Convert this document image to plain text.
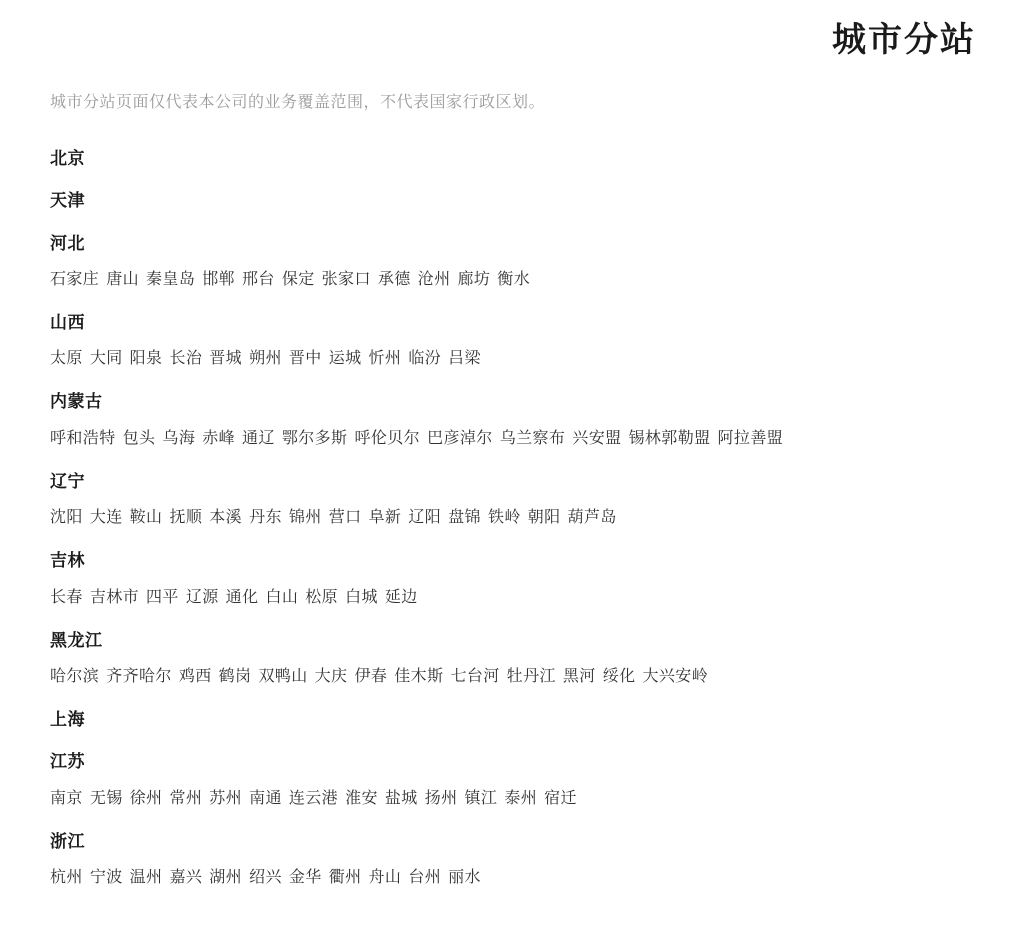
城市分站

城市分站页面仅代表本公司的业务覆盖范围，不代表国家行政区划。

北京
天津
河北
石家庄 唐山 秦皇岛 邯郸 邢台 保定 张家口 承德 沧州 廊坊 衡水
山西
太原 大同 阳泉 长治 晋城 朔州 晋中 运城 忻州 临汾 吕梁
内蒙古
呼和浩特 包头 乌海 赤峰 通辽 鄂尔多斯 呼伦贝尔 巴彦淖尔 乌兰察布 兴安盟 锡林郭勒盟 阿拉善盟
辽宁
沈阳 大连 鞍山 抚顺 本溪 丹东 锦州 营口 阜新 辽阳 盘锦 铁岭 朝阳 葫芦岛
吉林
长春 吉林市 四平 辽源 通化 白山 松原 白城 延边
黑龙江
哈尔滨 齐齐哈尔 鸡西 鹤岗 双鸭山 大庆 伊春 佳木斯 七台河 牡丹江 黑河 绥化 大兴安岭
上海
江苏
南京 无锡 徐州 常州 苏州 南通 连云港 淮安 盐城 扬州 镇江 泰州 宿迁
浙江
杭州 宁波 温州 嘉兴 湖州 绍兴 金华 衢州 舟山 台州 丽水
